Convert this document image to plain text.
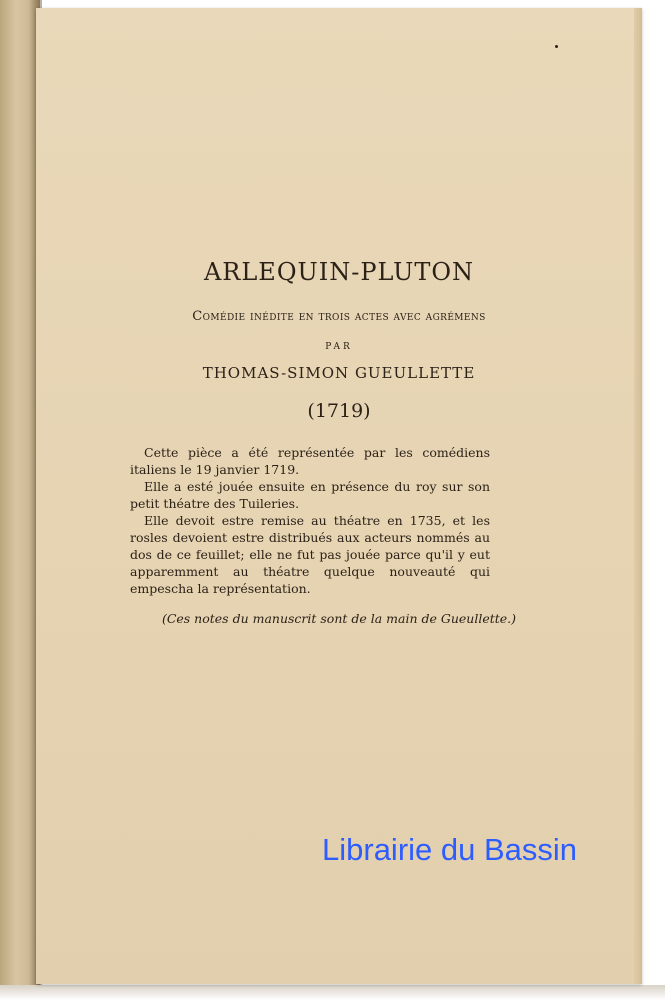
ARLEQUIN-PLUTON
Comédie inédite en trois actes avec agrémens
PAR
THOMAS-SIMON GUEULLETTE
(1719)

Cette pièce a été représentée par les comédiens italiens le 19 janvier 1719.

Elle a esté jouée ensuite en présence du roy sur son petit théatre des Tuileries.

Elle devoit estre remise au théatre en 1735, et les rosles devoient estre distribués aux acteurs nommés au dos de ce feuillet; elle ne fut pas jouée parce qu'il y eut apparemment au théatre quelque nouveauté qui empescha la représentation.

(Ces notes du manuscrit sont de la main de Gueullette.)
Librairie du Bassin
